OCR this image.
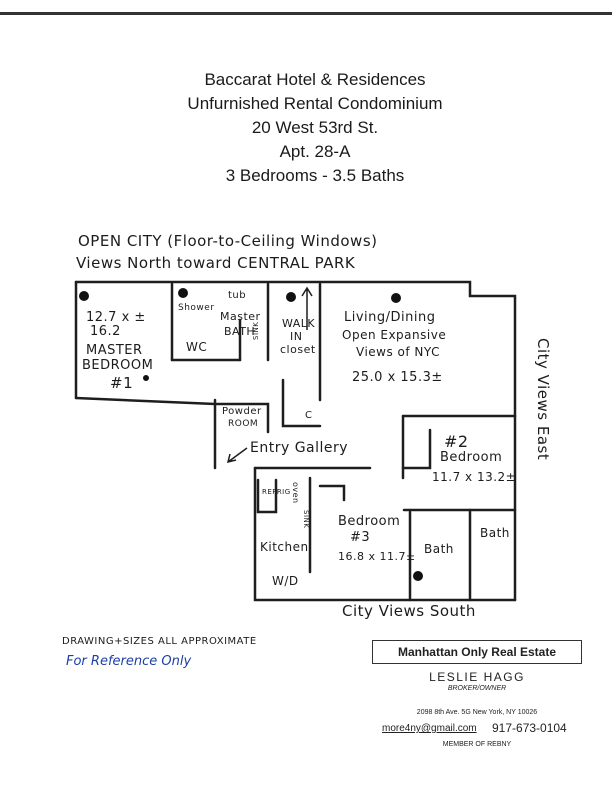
Baccarat Hotel & Residences
Unfurnished Rental Condominium
20 West 53rd St.
Apt. 28-A
3 Bedrooms - 3.5 Baths
OPEN CITY (Floor-to-Ceiling Windows)
Views North toward CENTRAL PARK
12.7 x ±
16.2
MASTER
BEDROOM
#1
Shower
tub
Master
BATH
WC
SINK WALK
IN
closet
Living/Dining
Open Expansive
Views of NYC
25.0 x 15.3±
C
Powder
ROOM
Entry Gallery	#2
Bedroom
11.7 x 13.2±
REFRIG oven
SINK
Kitchen
W/D
Bedroom
#3
16.8 x 11.7±
Bath
Bath
City Views East
City Views South
DRAWING+SIZES ALL APPROXIMATE
For Reference Only
Manhattan Only Real Estate
LESLIE HAGG
BROKER/OWNER
2098 8th Ave. 5G New York, NY 10026
more4ny@gmail.com 917-673-0104
MEMBER OF REBNY
